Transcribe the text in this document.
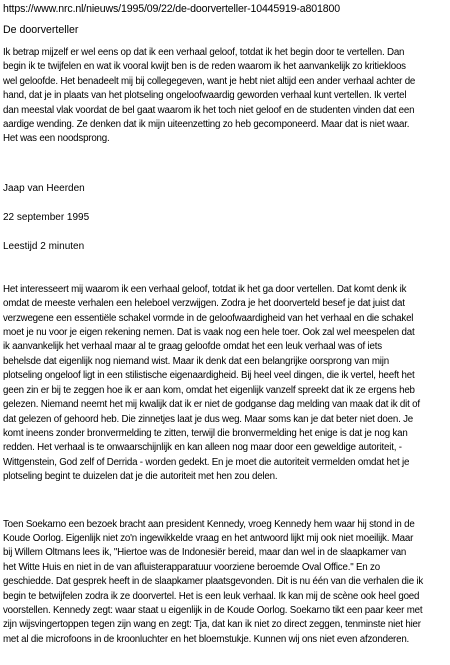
https://www.nrc.nl/nieuws/1995/09/22/de-doorverteller-10445919-a801800
De doorverteller

Ik betrap mijzelf er wel eens op dat ik een verhaal geloof, totdat ik het begin door te vertellen. Dan
begin ik te twijfelen en wat ik vooral kwijt ben is de reden waarom ik het aanvankelijk zo kritiekloos
wel geloofde. Het benadeelt mij bij collegegeven, want je hebt niet altijd een ander verhaal achter de
hand, dat je in plaats van het plotseling ongeloofwaardig geworden verhaal kunt vertellen. Ik vertel
dan meestal vlak voordat de bel gaat waarom ik het toch niet geloof en de studenten vinden dat een
aardige wending. Ze denken dat ik mijn uiteenzetting zo heb gecomponeerd. Maar dat is niet waar.
Het was een noodsprong.

Jaap van Heerden
22 september 1995
Leestijd 2 minuten

Het interesseert mij waarom ik een verhaal geloof, totdat ik het ga door vertellen. Dat komt denk ik
omdat de meeste verhalen een heleboel verzwijgen. Zodra je het doorverteld besef je dat juist dat
verzwegene een essentiële schakel vormde in de geloofwaardigheid van het verhaal en die schakel
moet je nu voor je eigen rekening nemen. Dat is vaak nog een hele toer. Ook zal wel meespelen dat
ik aanvankelijk het verhaal maar al te graag geloofde omdat het een leuk verhaal was of iets
behelsde dat eigenlijk nog niemand wist. Maar ik denk dat een belangrijke oorsprong van mijn
plotseling ongeloof ligt in een stilistische eigenaardigheid. Bij heel veel dingen, die ik vertel, heeft het
geen zin er bij te zeggen hoe ik er aan kom, omdat het eigenlijk vanzelf spreekt dat ik ze ergens heb
gelezen. Niemand neemt het mij kwalijk dat ik er niet de godganse dag melding van maak dat ik dit of
dat gelezen of gehoord heb. Die zinnetjes laat je dus weg. Maar soms kan je dat beter niet doen. Je
komt ineens zonder bronvermelding te zitten, terwijl die bronvermelding het enige is dat je nog kan
redden. Het verhaal is te onwaarschijnlijk en kan alleen nog maar door een geweldige autoriteit, -
Wittgenstein, God zelf of Derrida - worden gedekt. En je moet die autoriteit vermelden omdat het je
plotseling begint te duizelen dat je die autoriteit met hen zou delen.

Toen Soekarno een bezoek bracht aan president Kennedy, vroeg Kennedy hem waar hij stond in de
Koude Oorlog. Eigenlijk niet zo'n ingewikkelde vraag en het antwoord lijkt mij ook niet moeilijk. Maar
bij Willem Oltmans lees ik, "Hiertoe was de Indonesiër bereid, maar dan wel in de slaapkamer van
het Witte Huis en niet in de van afluisterapparatuur voorziene beroemde Oval Office." En zo
geschiedde. Dat gesprek heeft in de slaapkamer plaatsgevonden. Dit is nu één van die verhalen die ik
begin te betwijfelen zodra ik ze doorvertel. Het is een leuk verhaal. Ik kan mij de scène ook heel goed
voorstellen. Kennedy zegt: waar staat u eigenlijk in de Koude Oorlog. Soekarno tikt een paar keer met
zijn wijsvingertoppen tegen zijn wang en zegt: Tja, dat kan ik niet zo direct zeggen, tenminste niet hier
met al die microfoons in de kroonluchter en het bloemstukje. Kunnen wij ons niet even afzonderen.
